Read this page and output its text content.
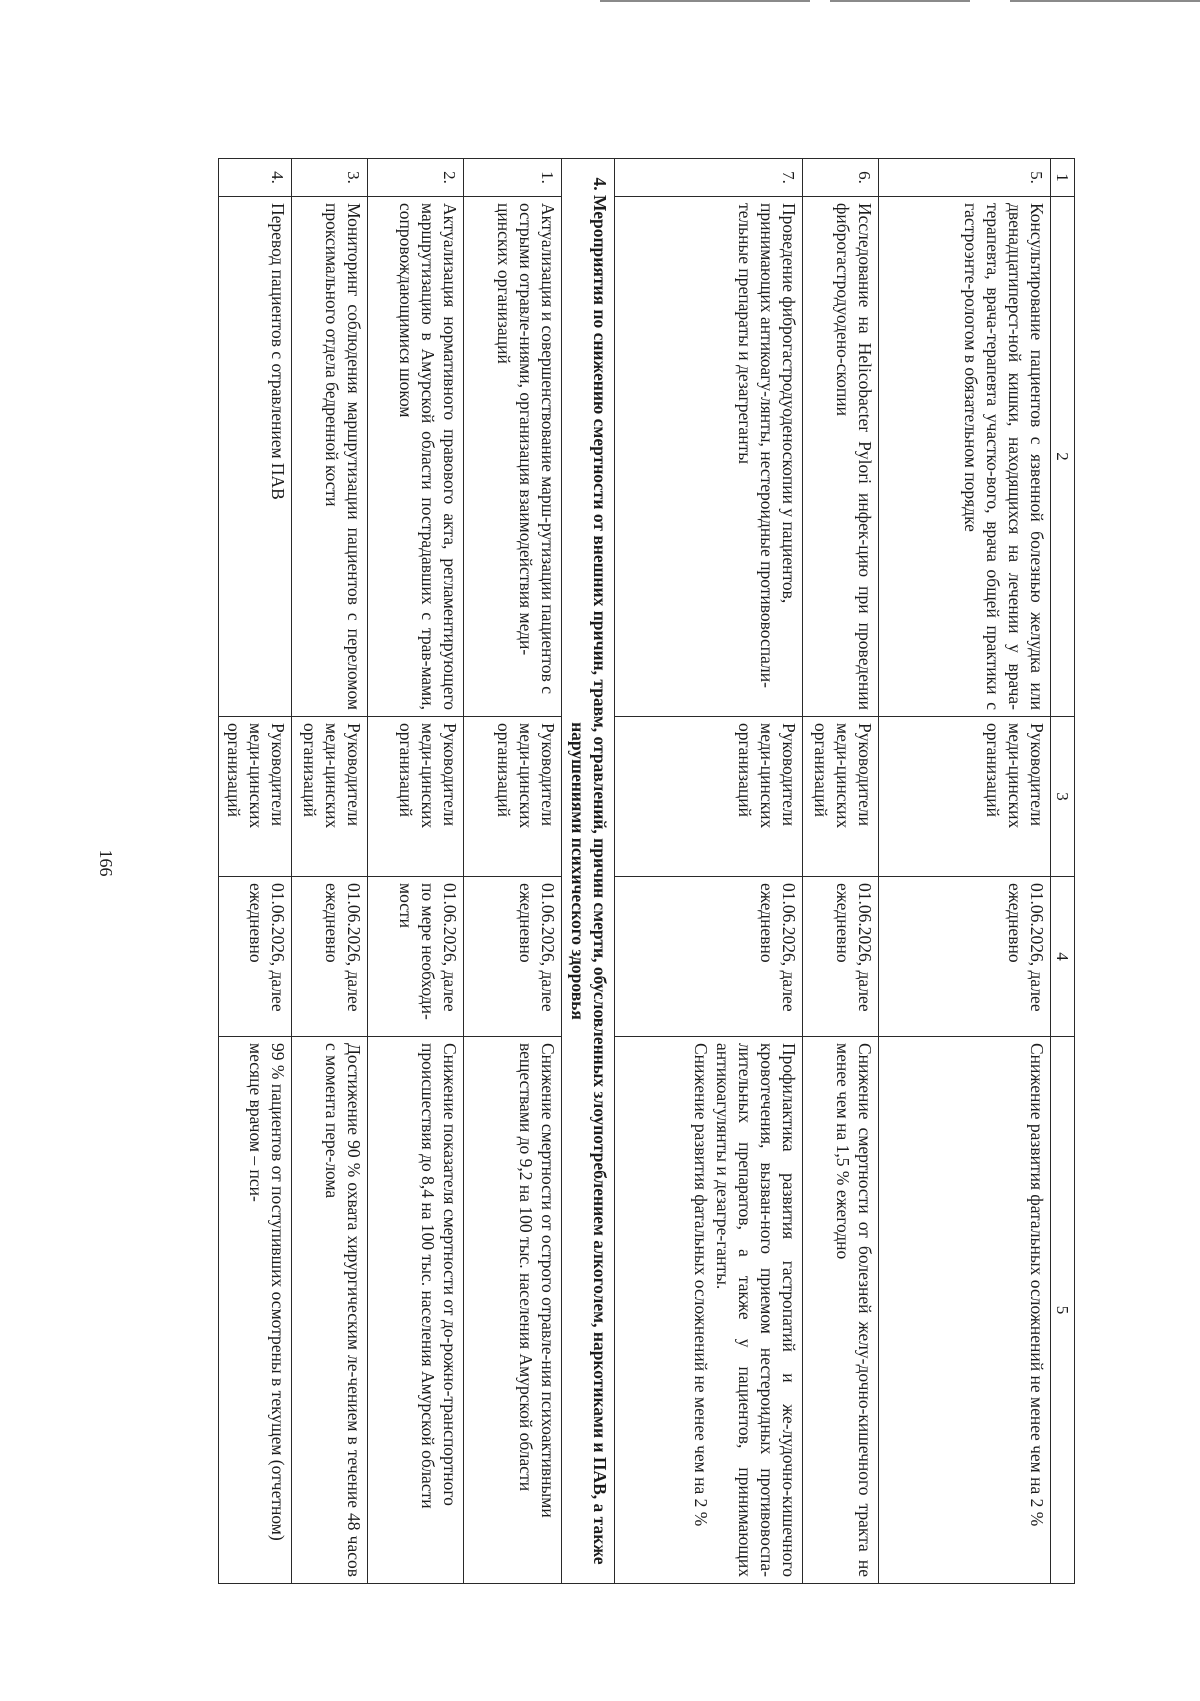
166
1	2	3	4	5
5.	Консультирование пациентов с язвенной болезнью желудка или двенадцатиперст-ной кишки, находящихся на лечении у врача-терапевта, врача-терапевта участко-вого, врача общей практики с гастроэнте-рологом в обязательном порядке	Руководители меди-цинских организаций	01.06.2026, далее ежедневно	Снижение развития фатальных осложнений не менее чем на 2 %
6.	Исследование на Helicobacter Pylori инфек-цию при проведении фиброгастродуодено-скопии	Руководители меди-цинских организаций	01.06.2026, далее ежедневно	Снижение смертности от болезней желу-дочно-кишечного тракта не менее чем на 1,5 % ежегодно
7.	Проведение фиброгастродуоденоскопии у пациентов, принимающих антикоагу-лянты, нестероидные противовоспали-тельные препараты и дезагреганты	Руководители меди-цинских организаций	01.06.2026, далее ежедневно	Профилактика развития гастропатий и же-лудочно-кишечного кровотечения, вызван-ного приемом нестероидных противовоспа-лительных препаратов, а также у пациентов, принимающих антикоагулянты и дезагре-ганты.
Снижение развития фатальных осложнений не менее чем на 2 %
4. Мероприятия по снижению смертности от внешних причин, травм, отравлений, причин смерти, обусловленных злоупотреблением алкоголем, наркотиками и ПАВ, а также нарушениями психического здоровья				
1.	Актуализация и совершенствование марш-рутизации пациентов с острыми отравле-ниями, организация взаимодействия меди-цинских организаций	Руководители меди-цинских организаций	01.06.2026, далее ежедневно	Снижение смертности от острого отравле-ния психоактивными веществами до 9,2 на 100 тыс. населения Амурской области
2.	Актуализация нормативного правового акта, регламентирующего маршрутизацию в Амурской области пострадавших с трав-мами, сопровождающимися шоком	Руководители меди-цинских организаций	01.06.2026, далее по мере необходи-мости	Снижение показателя смертности от до-рожно-транспортного происшествия до 8,4 на 100 тыс. населения Амурской области
3.	Мониторинг соблюдения маршрутизации пациентов с переломом проксимального отдела бедренной кости	Руководители меди-цинских организаций	01.06.2026, далее ежедневно	Достижение 90 % охвата хирургическим ле-чением в течение 48 часов с момента пере-лома
4.	Перевод пациентов с отравлением ПАВ	Руководители меди-цинских организаций	01.06.2026, далее ежедневно	99 % пациентов от поступивших осмотрены в текущем (отчетном) месяце врачом – пси-
